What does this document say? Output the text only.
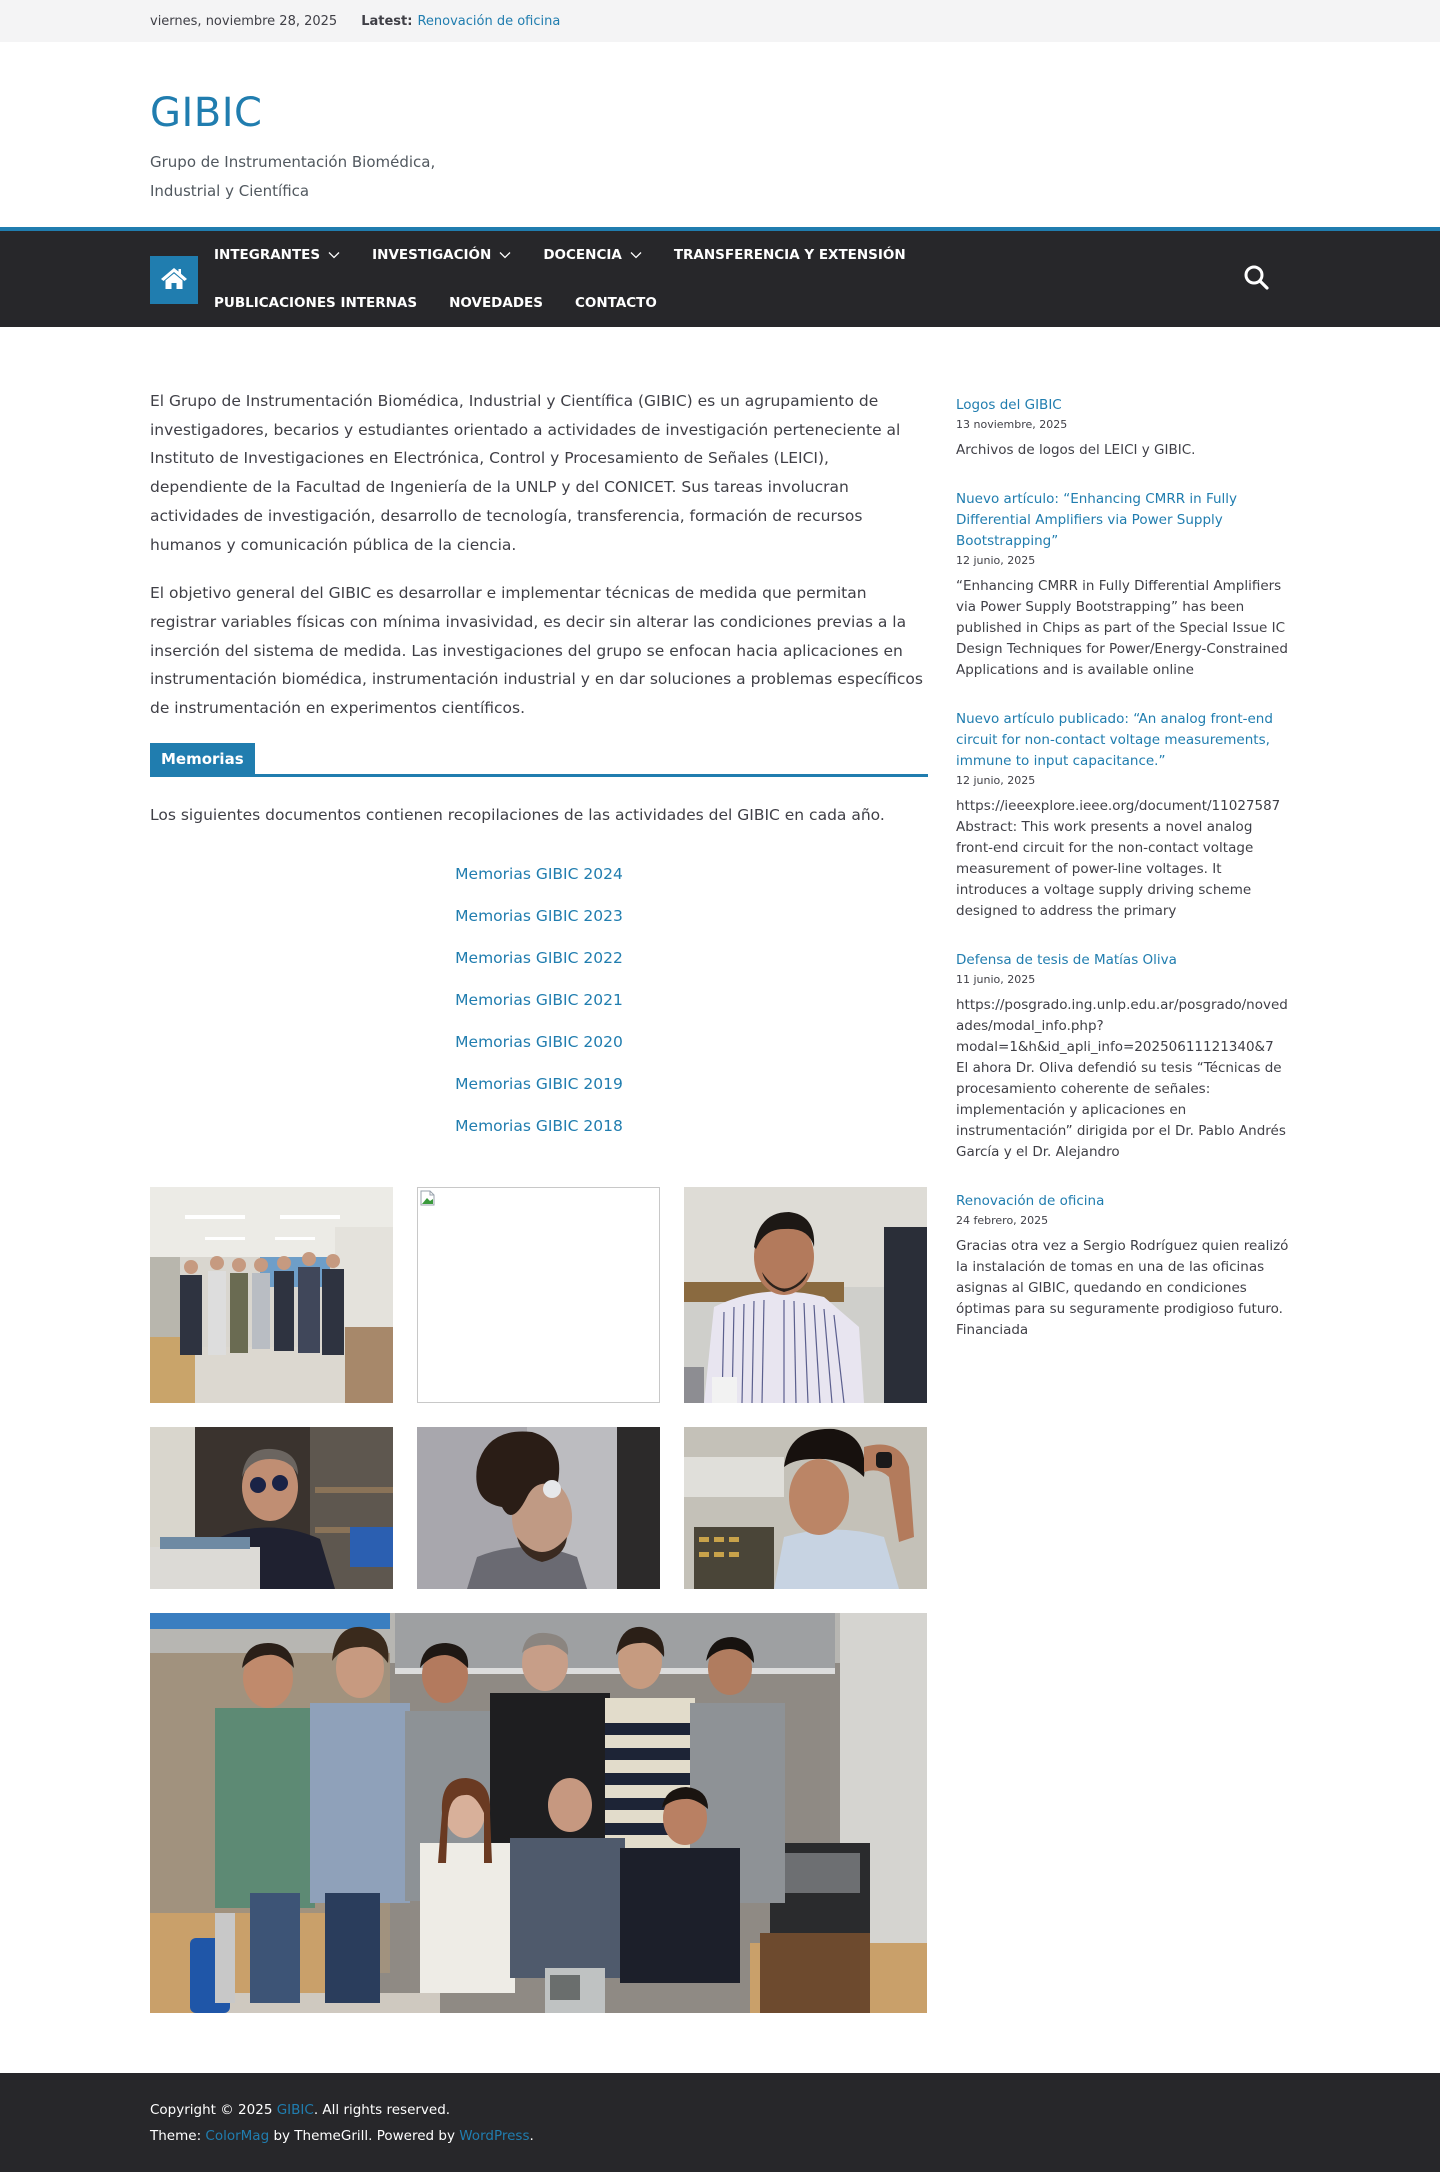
viernes, noviembre 28, 2025 Latest: Renovación de oficina
GIBIC
Grupo de Instrumentación Biomédica,
Industrial y Científica
INTEGRANTES	INVESTIGACIÓN	DOCENCIA	TRANSFERENCIA Y EXTENSIÓN
PUBLICACIONES INTERNAS NOVEDADES CONTACTO

El Grupo de Instrumentación Biomédica, Industrial y Científica (GIBIC) es un agrupamiento de investigadores, becarios y estudiantes orientado a actividades de investigación perteneciente al Instituto de Investigaciones en Electrónica, Control y Procesamiento de Señales (LEICI), dependiente de la Facultad de Ingeniería de la UNLP y del CONICET. Sus tareas involucran actividades de investigación, desarrollo de tecnología, transferencia, formación de recursos humanos y comunicación pública de la ciencia.

El objetivo general del GIBIC es desarrollar e implementar técnicas de medida que permitan registrar variables físicas con mínima invasividad, es decir sin alterar las condiciones previas a la inserción del sistema de medida. Las investigaciones del grupo se enfocan hacia aplicaciones en instrumentación biomédica, instrumentación industrial y en dar soluciones a problemas específicos de instrumentación en experimentos científicos.

Memorias

Los siguientes documentos contienen recopilaciones de las actividades del GIBIC en cada año.

Memorias GIBIC 2024
Memorias GIBIC 2023
Memorias GIBIC 2022
Memorias GIBIC 2021
Memorias GIBIC 2020
Memorias GIBIC 2019
Memorias GIBIC 2018
Logos del GIBIC
13 noviembre, 2025
Archivos de logos del LEICI y GIBIC.
Nuevo artículo: “Enhancing CMRR in Fully Differential Amplifiers via Power Supply Bootstrapping”
12 junio, 2025
“Enhancing CMRR in Fully Differential Amplifiers via Power Supply Bootstrapping” has been published in Chips as part of the Special Issue IC Design Techniques for Power/Energy-Constrained Applications and is available online
Nuevo artículo publicado: “An analog front-end circuit for non-contact voltage measurements, immune to input capacitance.”
12 junio, 2025
https://ieeexplore.ieee.org/document/11027587 Abstract: This work presents a novel analog front-end circuit for the non-contact voltage measurement of power-line voltages. It introduces a voltage supply driving scheme designed to address the primary
Defensa de tesis de Matías Oliva
11 junio, 2025
https://posgrado.ing.unlp.edu.ar/posgrado/novedades/modal_info.php?modal=1&h&id_apli_info=20250611121340&7 El ahora Dr. Oliva defendió su tesis “Técnicas de procesamiento coherente de señales: implementación y aplicaciones en instrumentación” dirigida por el Dr. Pablo Andrés García y el Dr. Alejandro
Renovación de oficina
24 febrero, 2025
Gracias otra vez a Sergio Rodríguez quien realizó la instalación de tomas en una de las oficinas asignas al GIBIC, quedando en condiciones óptimas para su seguramente prodigioso futuro. Financiada
Copyright © 2025 GIBIC. All rights reserved.
Theme: ColorMag by ThemeGrill. Powered by WordPress.
